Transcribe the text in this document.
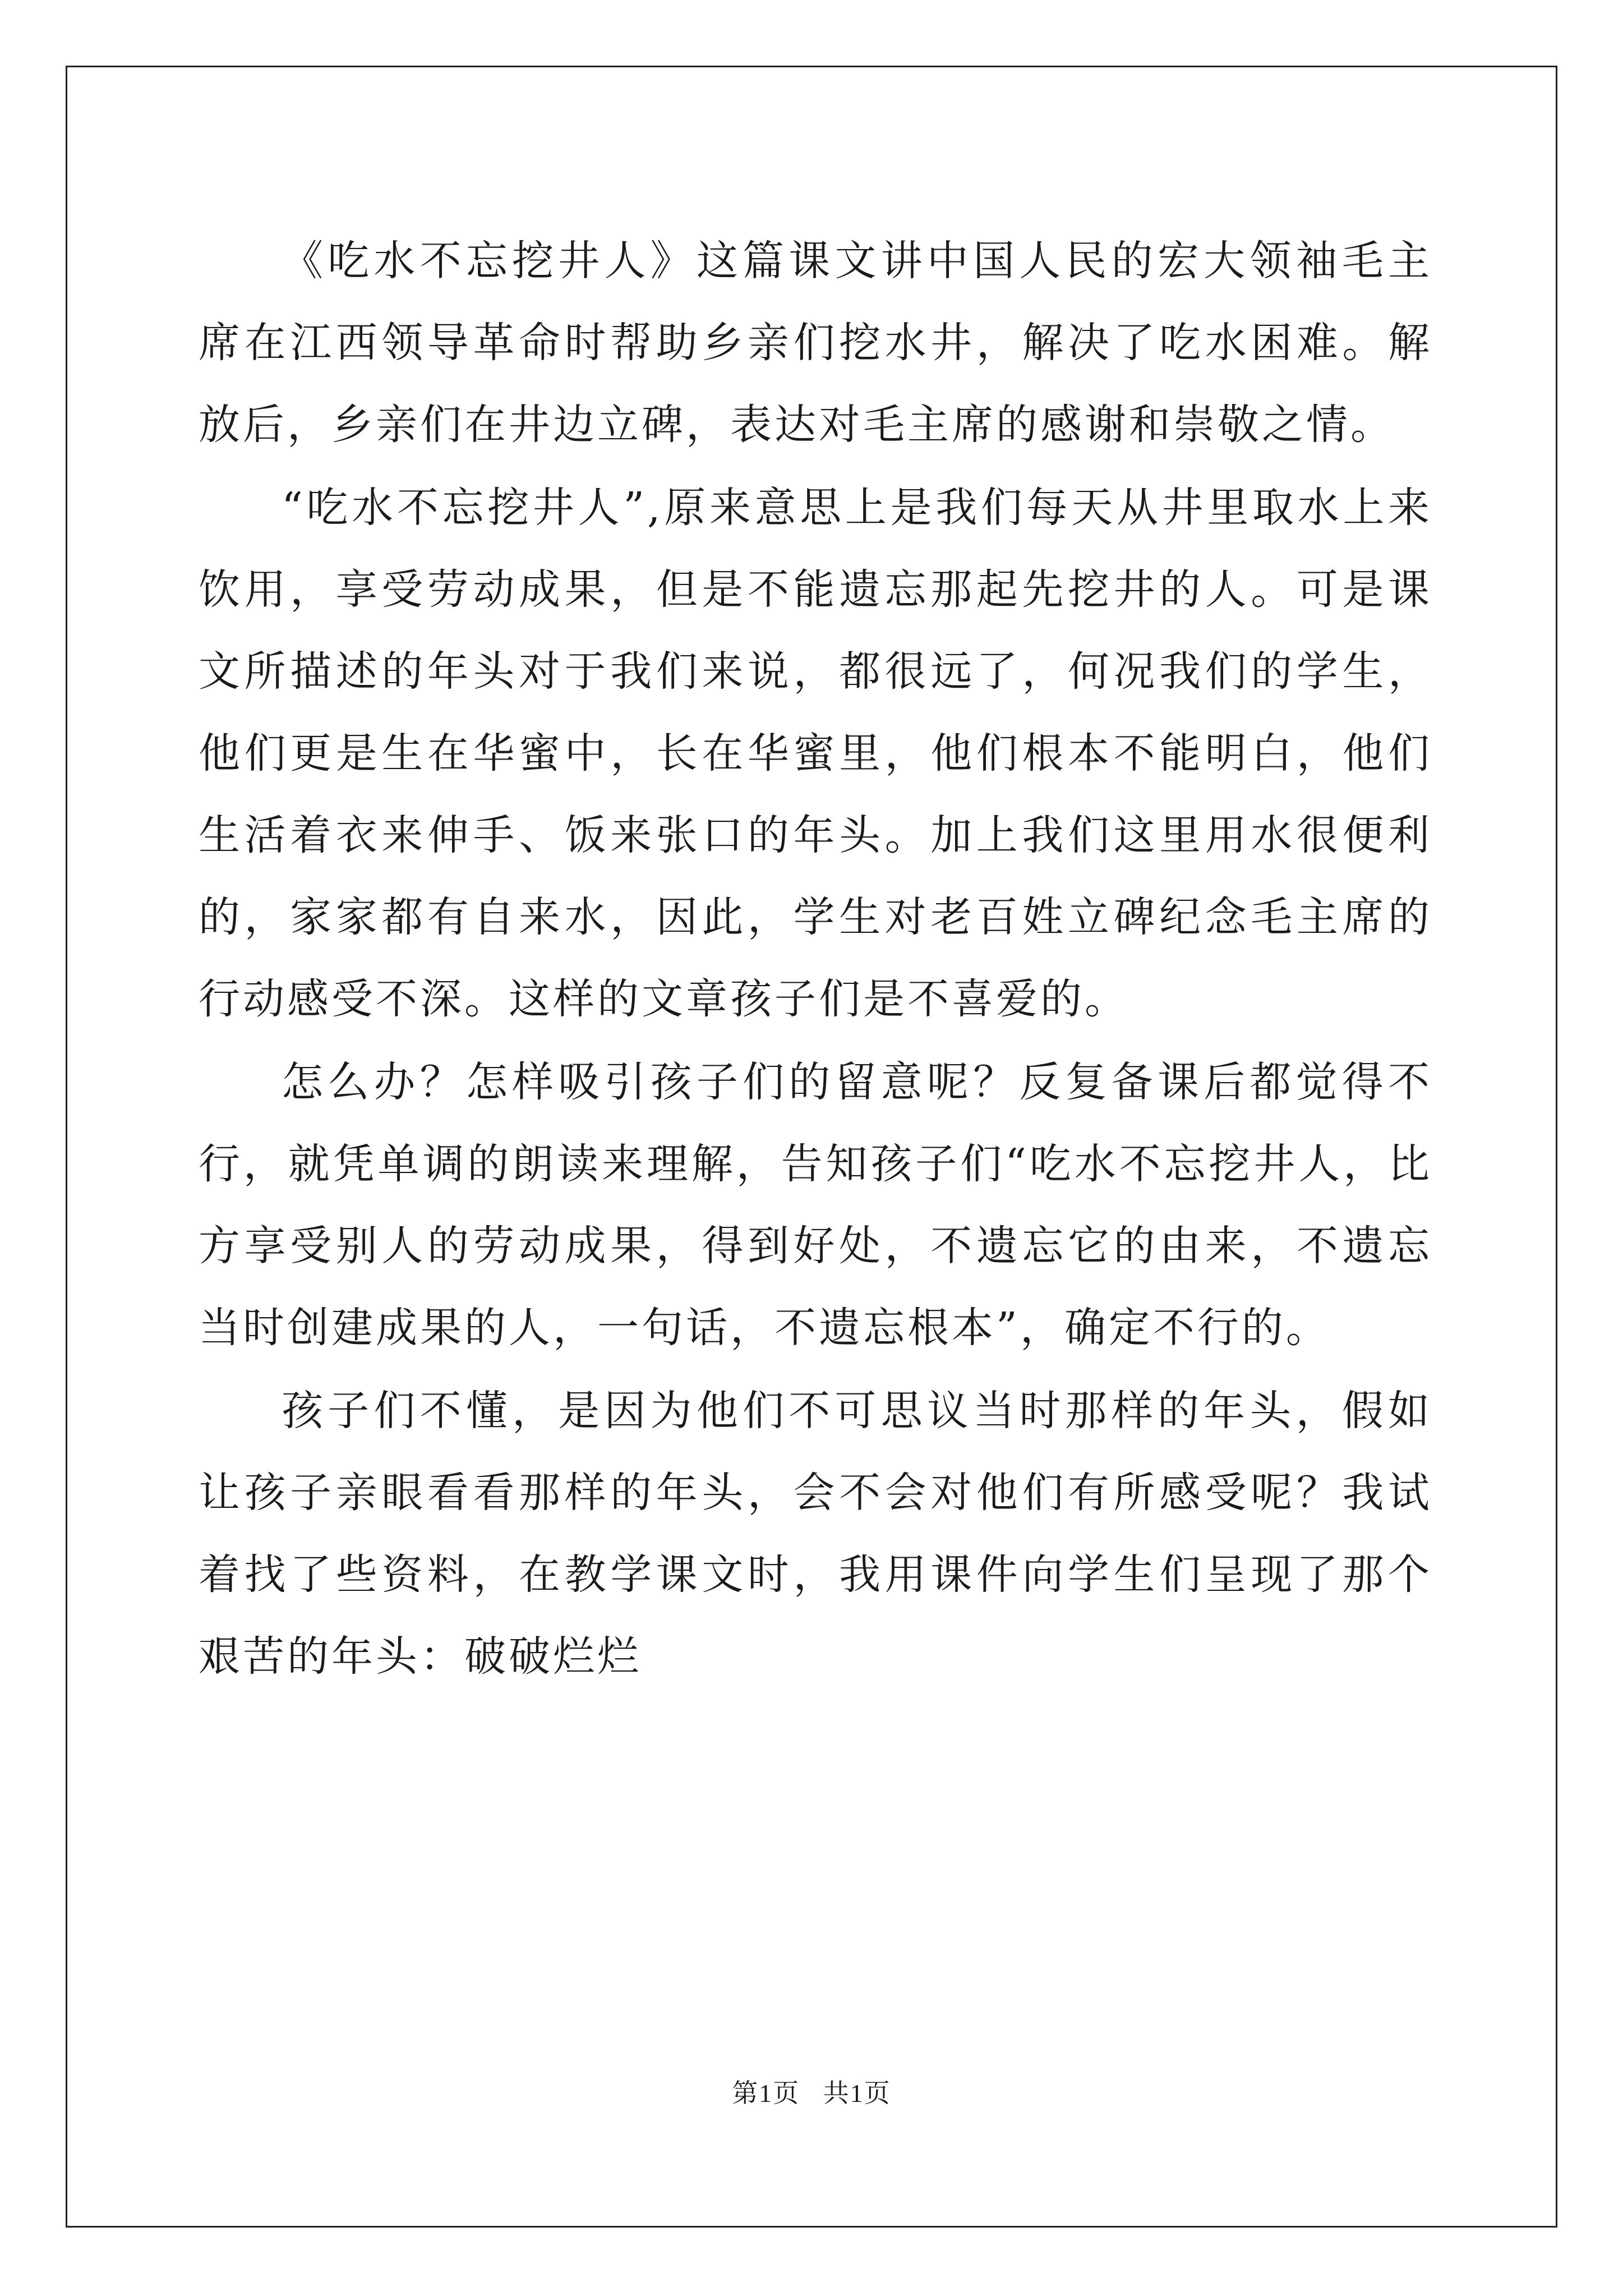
《吃水不忘挖井人》这篇课文讲中国人民的宏大领袖毛主席在江西领导革命时帮助乡亲们挖水井，解决了吃水困难。解放后，乡亲们在井边立碑，表达对毛主席的感谢和崇敬之情。

“吃水不忘挖井人”,原来意思上是我们每天从井里取水上来饮用，享受劳动成果，但是不能遗忘那起先挖井的人。可是课文所描述的年头对于我们来说，都很远了，何况我们的学生，他们更是生在华蜜中，长在华蜜里，他们根本不能明白，他们生活着衣来伸手、饭来张口的年头。加上我们这里用水很便利的，家家都有自来水，因此，学生对老百姓立碑纪念毛主席的行动感受不深。这样的文章孩子们是不喜爱的。

怎么办？怎样吸引孩子们的留意呢？反复备课后都觉得不行，就凭单调的朗读来理解，告知孩子们“吃水不忘挖井人，比方享受别人的劳动成果，得到好处，不遗忘它的由来，不遗忘当时创建成果的人，一句话，不遗忘根本”，确定不行的。

孩子们不懂，是因为他们不可思议当时那样的年头，假如让孩子亲眼看看那样的年头，会不会对他们有所感受呢？我试着找了些资料，在教学课文时，我用课件向学生们呈现了那个艰苦的年头：破破烂烂

第1页 共1页
